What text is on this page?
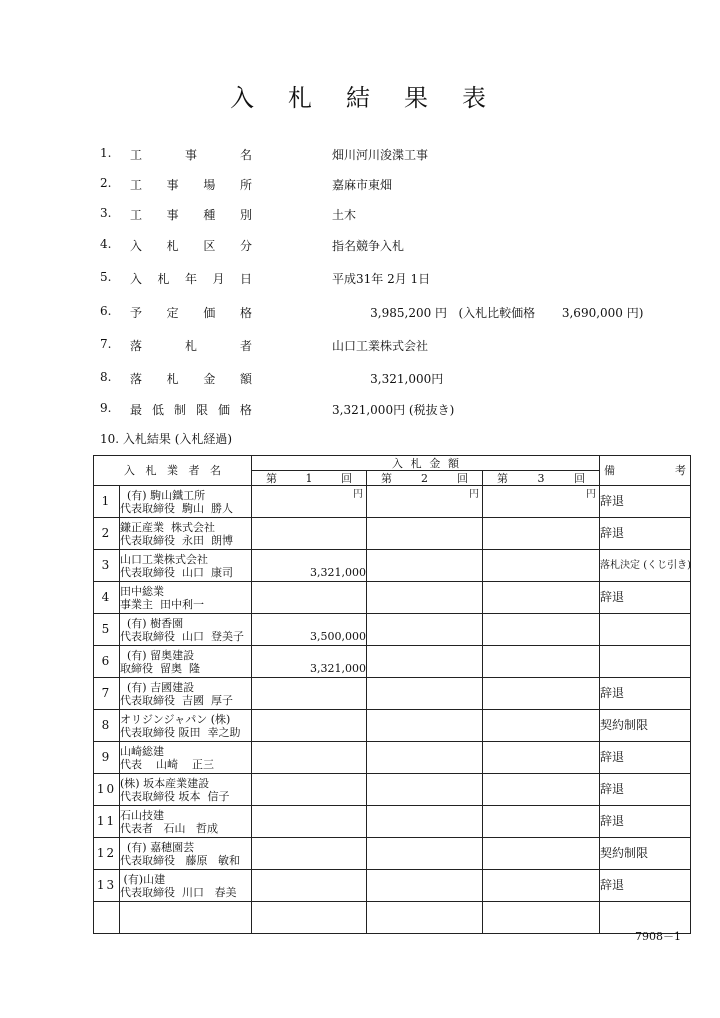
入札結果表
1.	工	事	名	畑川河川浚渫工事
2.	工 事 場 所	嘉麻市東畑
3.	工 事 種 別	土木
4.	入 札 区 分	指名競争入札
5.	入 札 年 月 日	平成31年 2月 1日
6.	予 定 価 格	3,985,200 円   (入札比較価格       3,690,000 円)
7.	落	札	者	山口工業株式会社
8.	落 札 金 額	3,321,000円
9.	最 低 制 限 価 格	3,321,000円 (税抜き)
10. 入札結果 (入札経過)
入 札 業 者 名		入 札 金 額			備 考

		第 1 回	第 2 回	第 3 回	

1	(有) 駒山鐵工所
代表取締役  駒山  勝人	円	円	円	辞退
2	鎌正産業  株式会社
代表取締役  永田  朗博				辞退
3	山口工業株式会社
代表取締役  山口  康司	3,321,000			落札決定 (くじ引き)
4	田中総業
事業主  田中利一				辞退
5	(有) 樹香園
代表取締役  山口  登美子	3,500,000			

6	(有) 留奥建設
取締役  留奥  隆	3,321,000			

7	(有) 吉國建設
代表取締役  吉國  厚子				辞退
8	オリジンジャパン (株)
代表取締役 阪田  幸之助				契約制限
9	山崎総建
代表    山崎    正三				辞退
10	(株) 坂本産業建設
代表取締役 坂本  信子				辞退
11	石山技建
代表者   石山   哲成				辞退
12	(有) 嘉穂園芸
代表取締役   藤原   敏和				契約制限
13	(有)山建
代表取締役  川口   春美				辞退

7908－1
